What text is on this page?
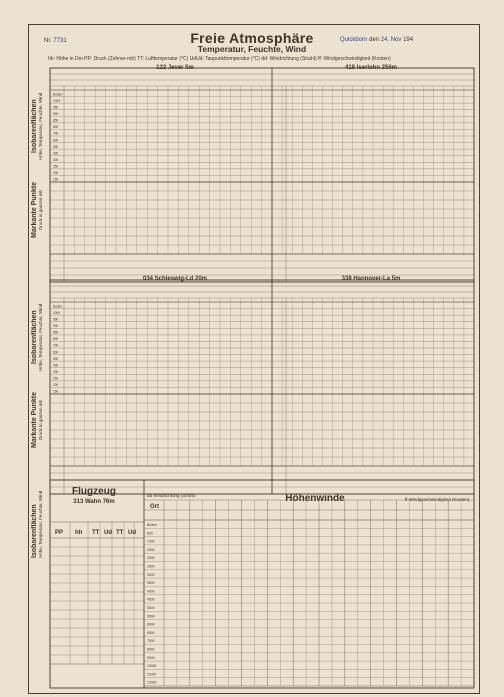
Nr. 7731	Freie Atmosphäre
Temperatur, Feuchte, Wind
Quickborn den 24. Nov 194
hh: Höhe in Dm PP: Druck (Zehner-mb) TT: Lufttemperatur (°C) UdUd: Taupunkttemperatur (°C) dd: Windrichtung (Strahl) ff: Windgeschwindigkeit (Knoten)
122 Jever 5m	418 Iserlohn 256m
Isobarenflächen Höhe, Temperatur, Feuchte, Wind
Markante Punkte Druck in ganzen mb
034 Schleswig-Ld 20m	338 Hannover-La 5m
Isobarenflächen Höhe, Temperatur, Feuchte, Wind
Markante Punkte Druck in ganzen mb
Flugzeug
313 Wahn 76m	Höhenwinde
dd Windrichtung (Strahl)
ff Windgeschwindigkeit (Knoten)
Ort
Isobarenflächen Höhe, Temperatur, Feuchte, Wind PP hh TT Ud TT Ud
Boden
1000
950
900
850
800
700
600
500
400
300
250
200
150
Boden
1000
950
900
850
800
700
600
500
400
300
250
200
150
Boden
500
1000
1500
2000
2500
3000
3500
4000
4500
5000
5500
6000
6500
7000
8000
9000
10000
11000
12000
